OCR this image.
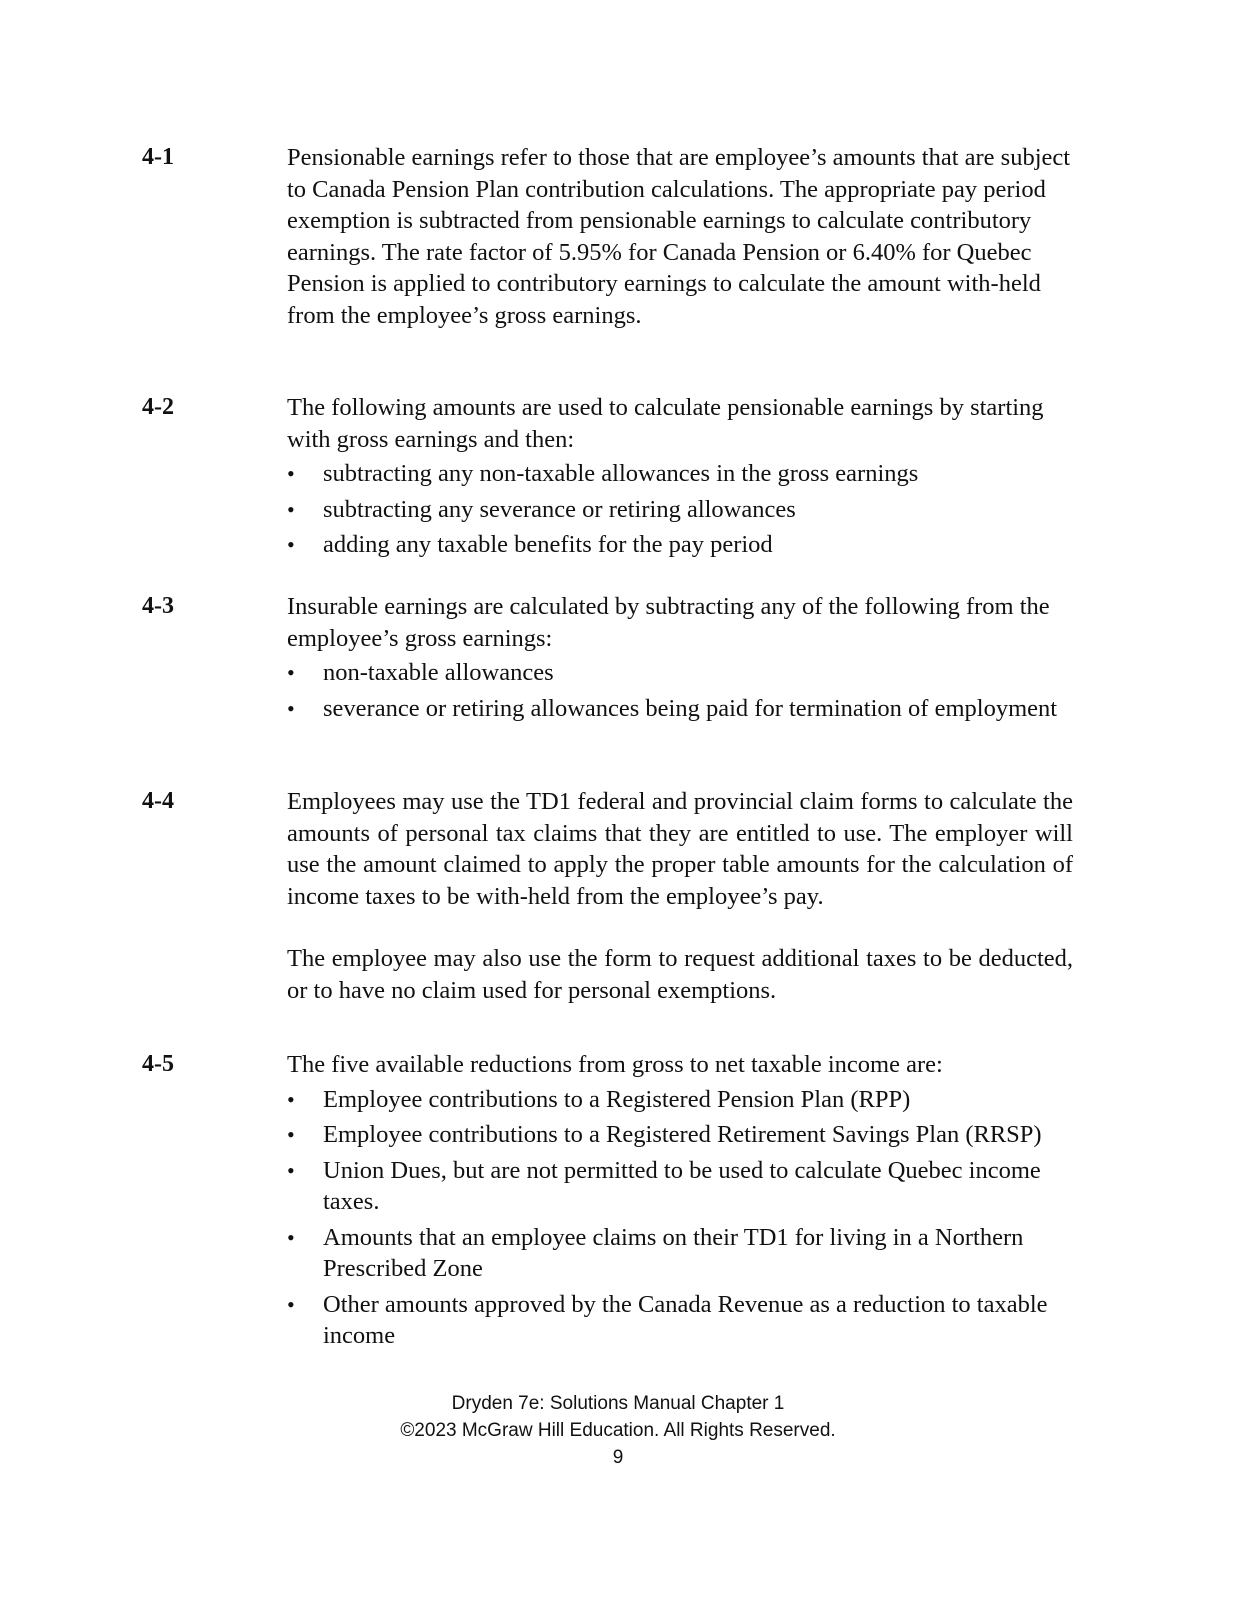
4-1	Pensionable earnings refer to those that are employee’s amounts that are subject to Canada Pension Plan contribution calculations. The appropriate pay period exemption is subtracted from pensionable earnings to calculate contributory earnings. The rate factor of 5.95% for Canada Pension or 6.40% for Quebec Pension is applied to contributory earnings to calculate the amount with-held from the employee’s gross earnings.

4-2	The following amounts are used to calculate pensionable earnings by starting with gross earnings and then:

•	subtracting any non-taxable allowances in the gross earnings
•	subtracting any severance or retiring allowances
•	adding any taxable benefits for the pay period
4-3	Insurable earnings are calculated by subtracting any of the following from the employee’s gross earnings:

•	non-taxable allowances
•	severance or retiring allowances being paid for termination of employment
4-4	Employees may use the TD1 federal and provincial claim forms to calculate the amounts of personal tax claims that they are entitled to use. The employer will use the amount claimed to apply the proper table amounts for the calculation of income taxes to be with-held from the employee’s pay.

The employee may also use the form to request additional taxes to be deducted, or to have no claim used for personal exemptions.

4-5	The five available reductions from gross to net taxable income are:

•	Employee contributions to a Registered Pension Plan (RPP)
•	Employee contributions to a Registered Retirement Savings Plan (RRSP)
•	Union Dues, but are not permitted to be used to calculate Quebec income taxes.
•	Amounts that an employee claims on their TD1 for living in a Northern Prescribed Zone
•	Other amounts approved by the Canada Revenue as a reduction to taxable income
Dryden 7e: Solutions Manual Chapter 1
©2023 McGraw Hill Education. All Rights Reserved.
9
